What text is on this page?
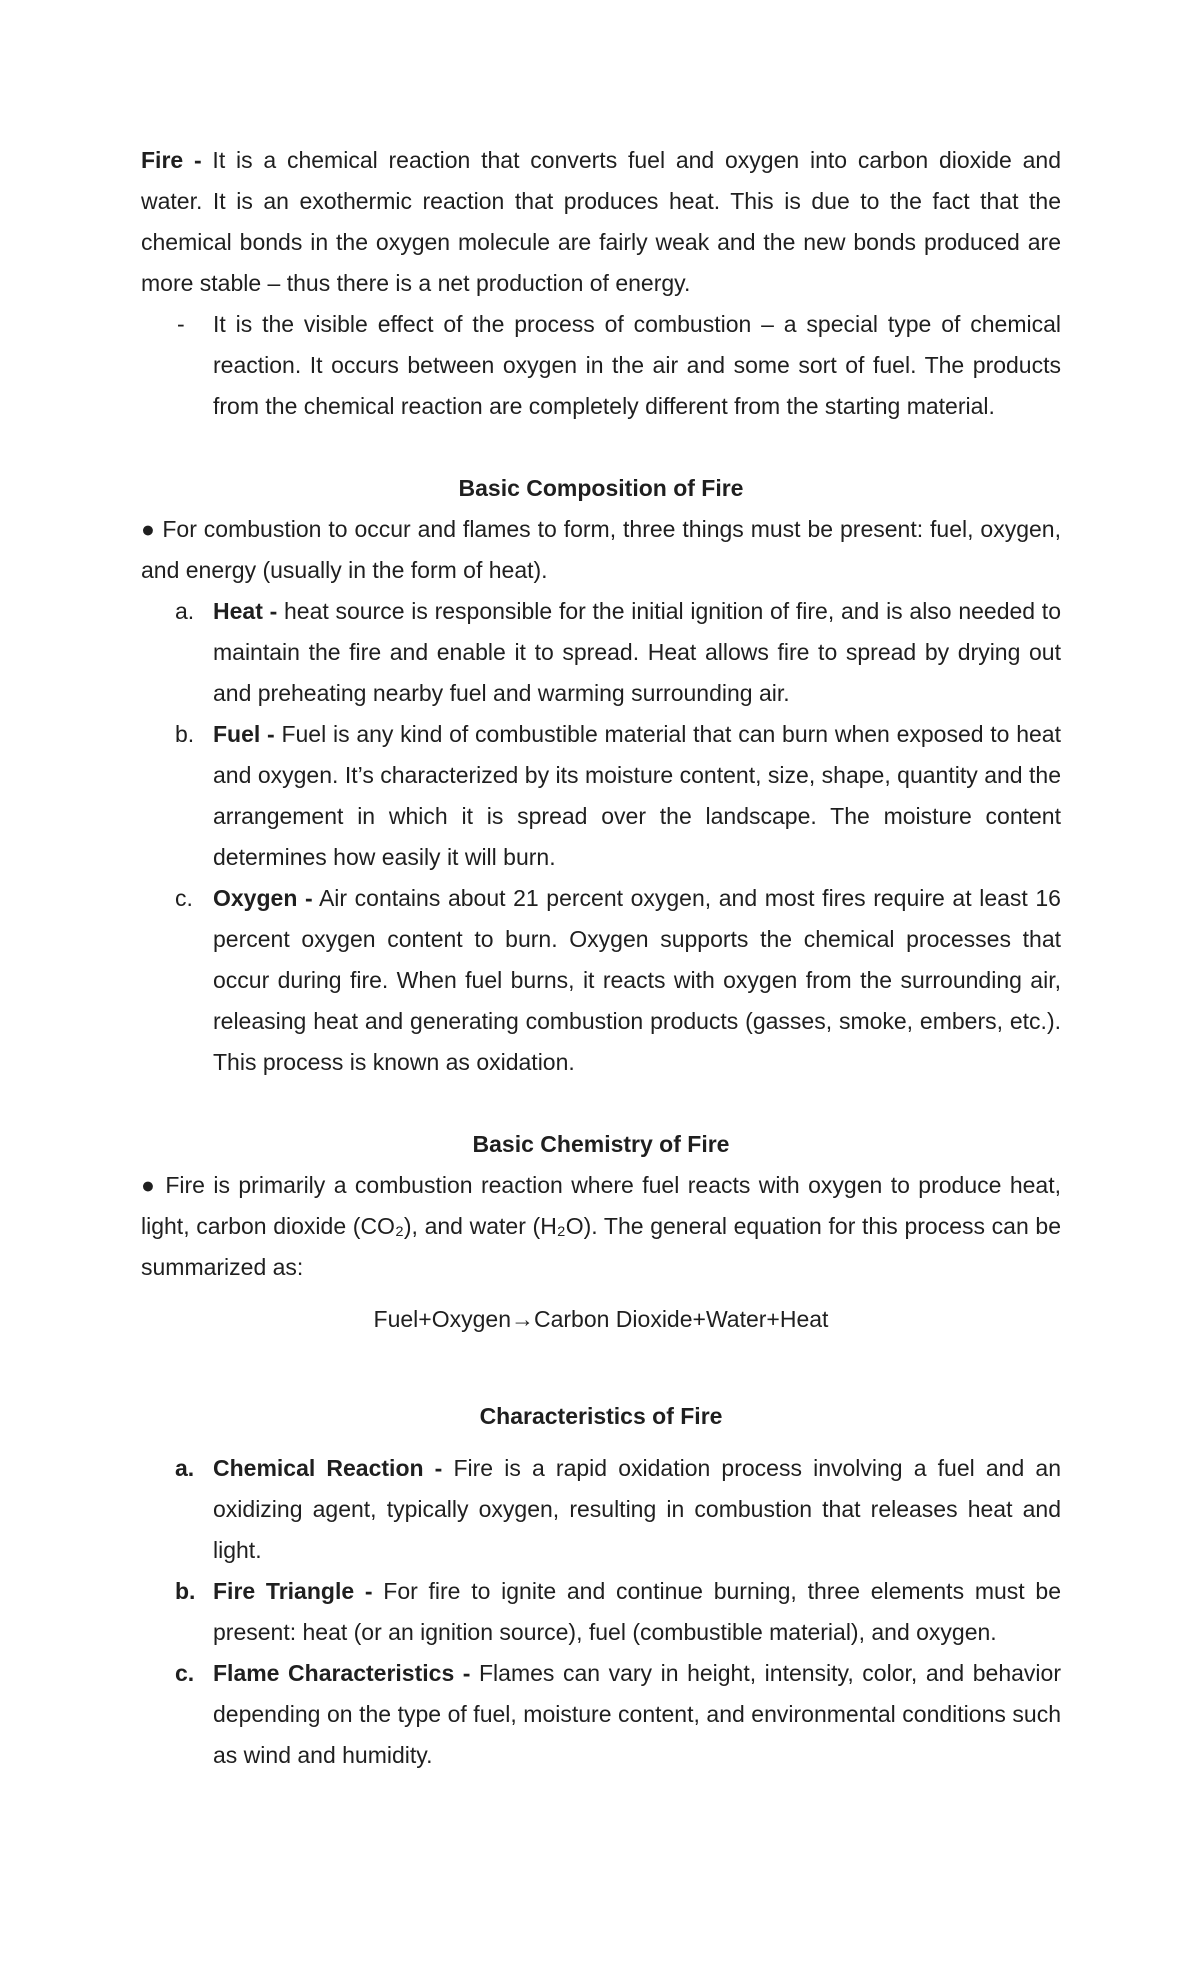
Fire - It is a chemical reaction that converts fuel and oxygen into carbon dioxide and water. It is an exothermic reaction that produces heat. This is due to the fact that the chemical bonds in the oxygen molecule are fairly weak and the new bonds produced are more stable – thus there is a net production of energy.

-	It is the visible effect of the process of combustion – a special type of chemical reaction. It occurs between oxygen in the air and some sort of fuel. The products from the chemical reaction are completely different from the starting material.

Basic Composition of Fire

● For combustion to occur and flames to form, three things must be present: fuel, oxygen, and energy (usually in the form of heat).

a. Heat - heat source is responsible for the initial ignition of fire, and is also needed to maintain the fire and enable it to spread. Heat allows fire to spread by drying out and preheating nearby fuel and warming surrounding air.
b. Fuel - Fuel is any kind of combustible material that can burn when exposed to heat and oxygen. It’s characterized by its moisture content, size, shape, quantity and the arrangement in which it is spread over the landscape. The moisture content determines how easily it will burn.
c. Oxygen - Air contains about 21 percent oxygen, and most fires require at least 16 percent oxygen content to burn. Oxygen supports the chemical processes that occur during fire. When fuel burns, it reacts with oxygen from the surrounding air, releasing heat and generating combustion products (gasses, smoke, embers, etc.). This process is known as oxidation.

Basic Chemistry of Fire

● Fire is primarily a combustion reaction where fuel reacts with oxygen to produce heat, light, carbon dioxide (CO₂), and water (H₂O). The general equation for this process can be summarized as:

Fuel+Oxygen→Carbon Dioxide+Water+Heat

Characteristics of Fire

a. Chemical Reaction - Fire is a rapid oxidation process involving a fuel and an oxidizing agent, typically oxygen, resulting in combustion that releases heat and light.
b. Fire Triangle - For fire to ignite and continue burning, three elements must be present: heat (or an ignition source), fuel (combustible material), and oxygen.
c. Flame Characteristics - Flames can vary in height, intensity, color, and behavior depending on the type of fuel, moisture content, and environmental conditions such as wind and humidity.
